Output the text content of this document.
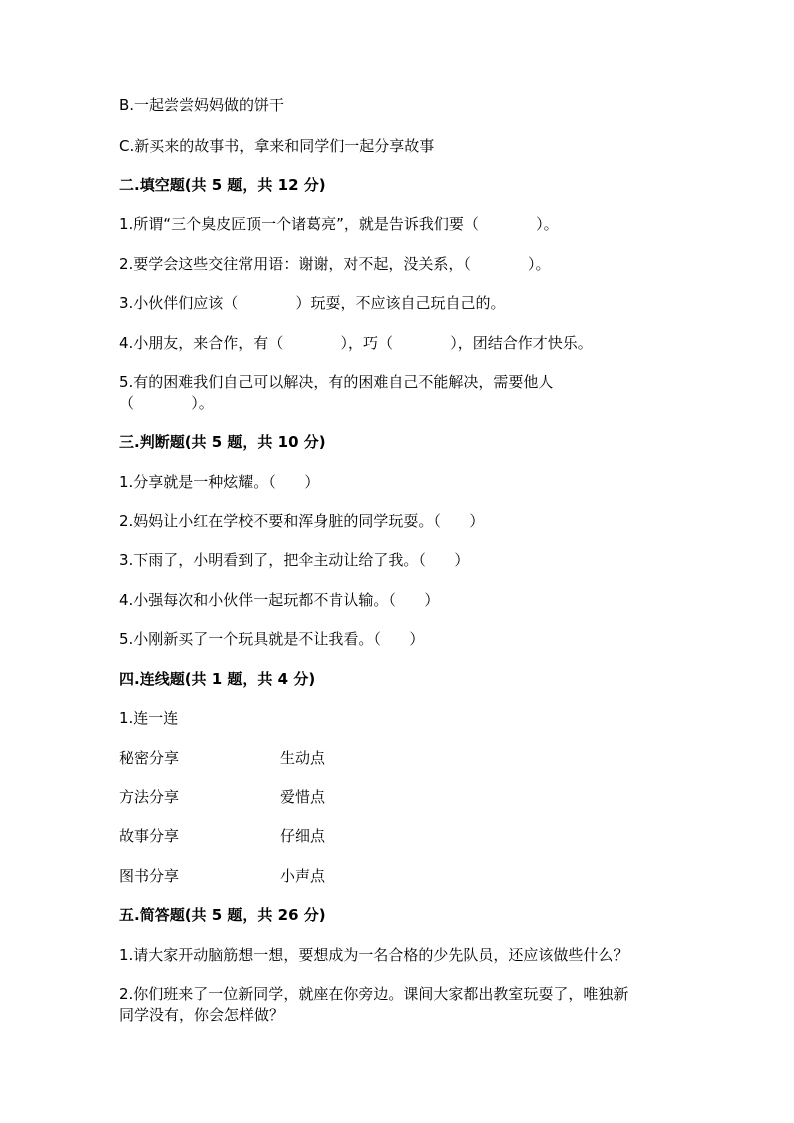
B.一起尝尝妈妈做的饼干
C.新买来的故事书，拿来和同学们一起分享故事
二.填空题(共 5 题，共 12 分)
1.所谓“三个臭皮匠顶一个诸葛亮”，就是告诉我们要（            ）。
2.要学会这些交往常用语：谢谢，对不起，没关系，（            ）。
3.小伙伴们应该（            ）玩耍，不应该自己玩自己的。
4.小朋友，来合作，有（            ），巧（            ），团结合作才快乐。
5.有的困难我们自己可以解决，有的困难自己不能解决，需要他人
（            ）。
三.判断题(共 5 题，共 10 分)
1.分享就是一种炫耀。（      ）
2.妈妈让小红在学校不要和浑身脏的同学玩耍。（      ）
3.下雨了，小明看到了，把伞主动让给了我。（      ）
4.小强每次和小伙伴一起玩都不肯认输。（      ）
5.小刚新买了一个玩具就是不让我看。（      ）
四.连线题(共 1 题，共 4 分)
1.连一连
秘密分享	生动点
方法分享	爱惜点
故事分享	仔细点
图书分享	小声点
五.简答题(共 5 题，共 26 分)
1.请大家开动脑筋想一想，要想成为一名合格的少先队员，还应该做些什么？
2.你们班来了一位新同学，就座在你旁边。课间大家都出教室玩耍了，唯独新
同学没有，你会怎样做？
